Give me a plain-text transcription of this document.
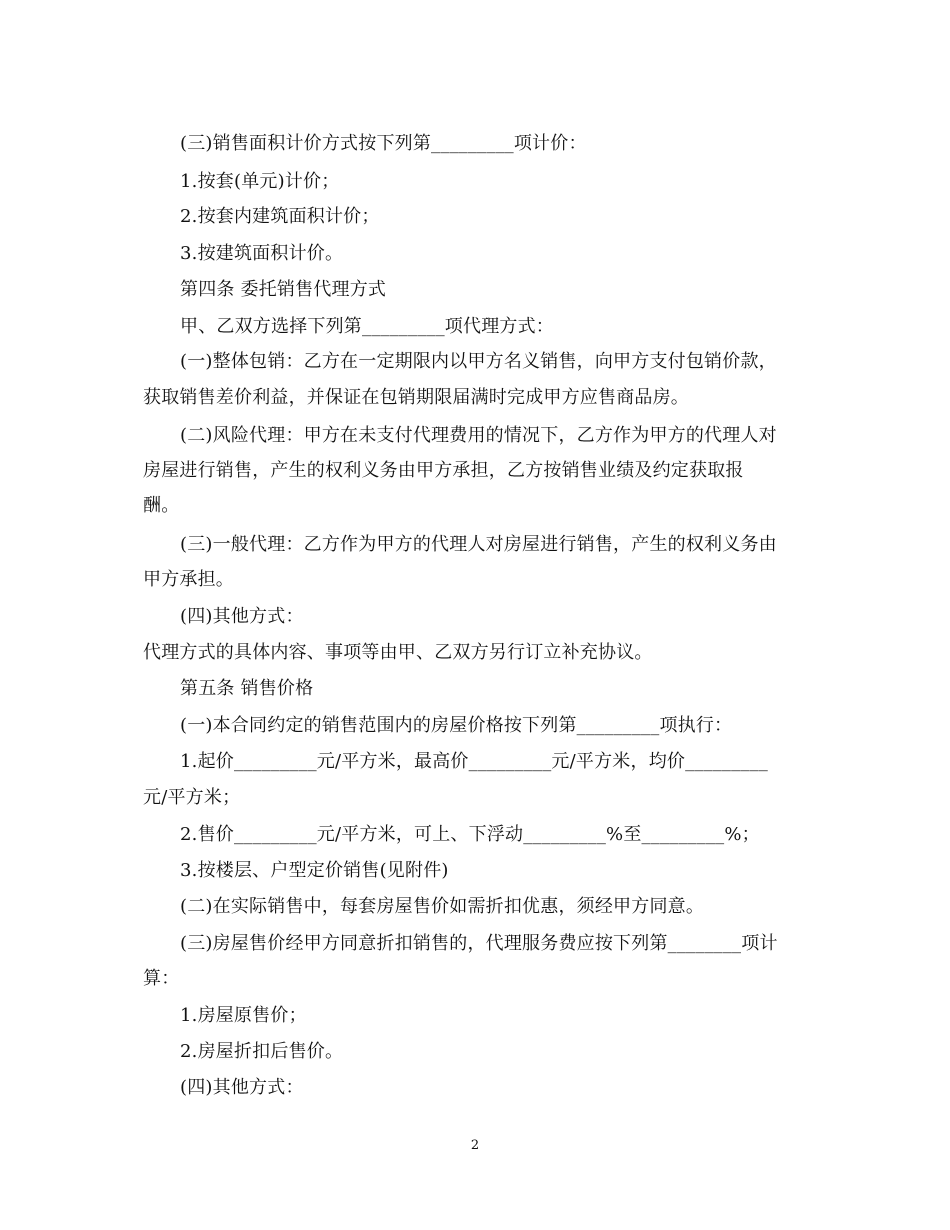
(三)销售面积计价方式按下列第_________项计价：
1.按套(单元)计价；
2.按套内建筑面积计价；
3.按建筑面积计价。
第四条 委托销售代理方式
甲、乙双方选择下列第_________项代理方式：
(一)整体包销：乙方在一定期限内以甲方名义销售，向甲方支付包销价款，
获取销售差价利益，并保证在包销期限届满时完成甲方应售商品房。
(二)风险代理：甲方在未支付代理费用的情况下，乙方作为甲方的代理人对
房屋进行销售，产生的权利义务由甲方承担，乙方按销售业绩及约定获取报
酬。
(三)一般代理：乙方作为甲方的代理人对房屋进行销售，产生的权利义务由
甲方承担。
(四)其他方式：
代理方式的具体内容、事项等由甲、乙双方另行订立补充协议。
第五条 销售价格
(一)本合同约定的销售范围内的房屋价格按下列第_________项执行：
1.起价_________元/平方米，最高价_________元/平方米，均价_________
元/平方米；
2.售价_________元/平方米，可上、下浮动_________%至_________%；
3.按楼层、户型定价销售(见附件)
(二)在实际销售中，每套房屋售价如需折扣优惠，须经甲方同意。
(三)房屋售价经甲方同意折扣销售的，代理服务费应按下列第________项计
算：
1.房屋原售价；
2.房屋折扣后售价。
(四)其他方式：
2
